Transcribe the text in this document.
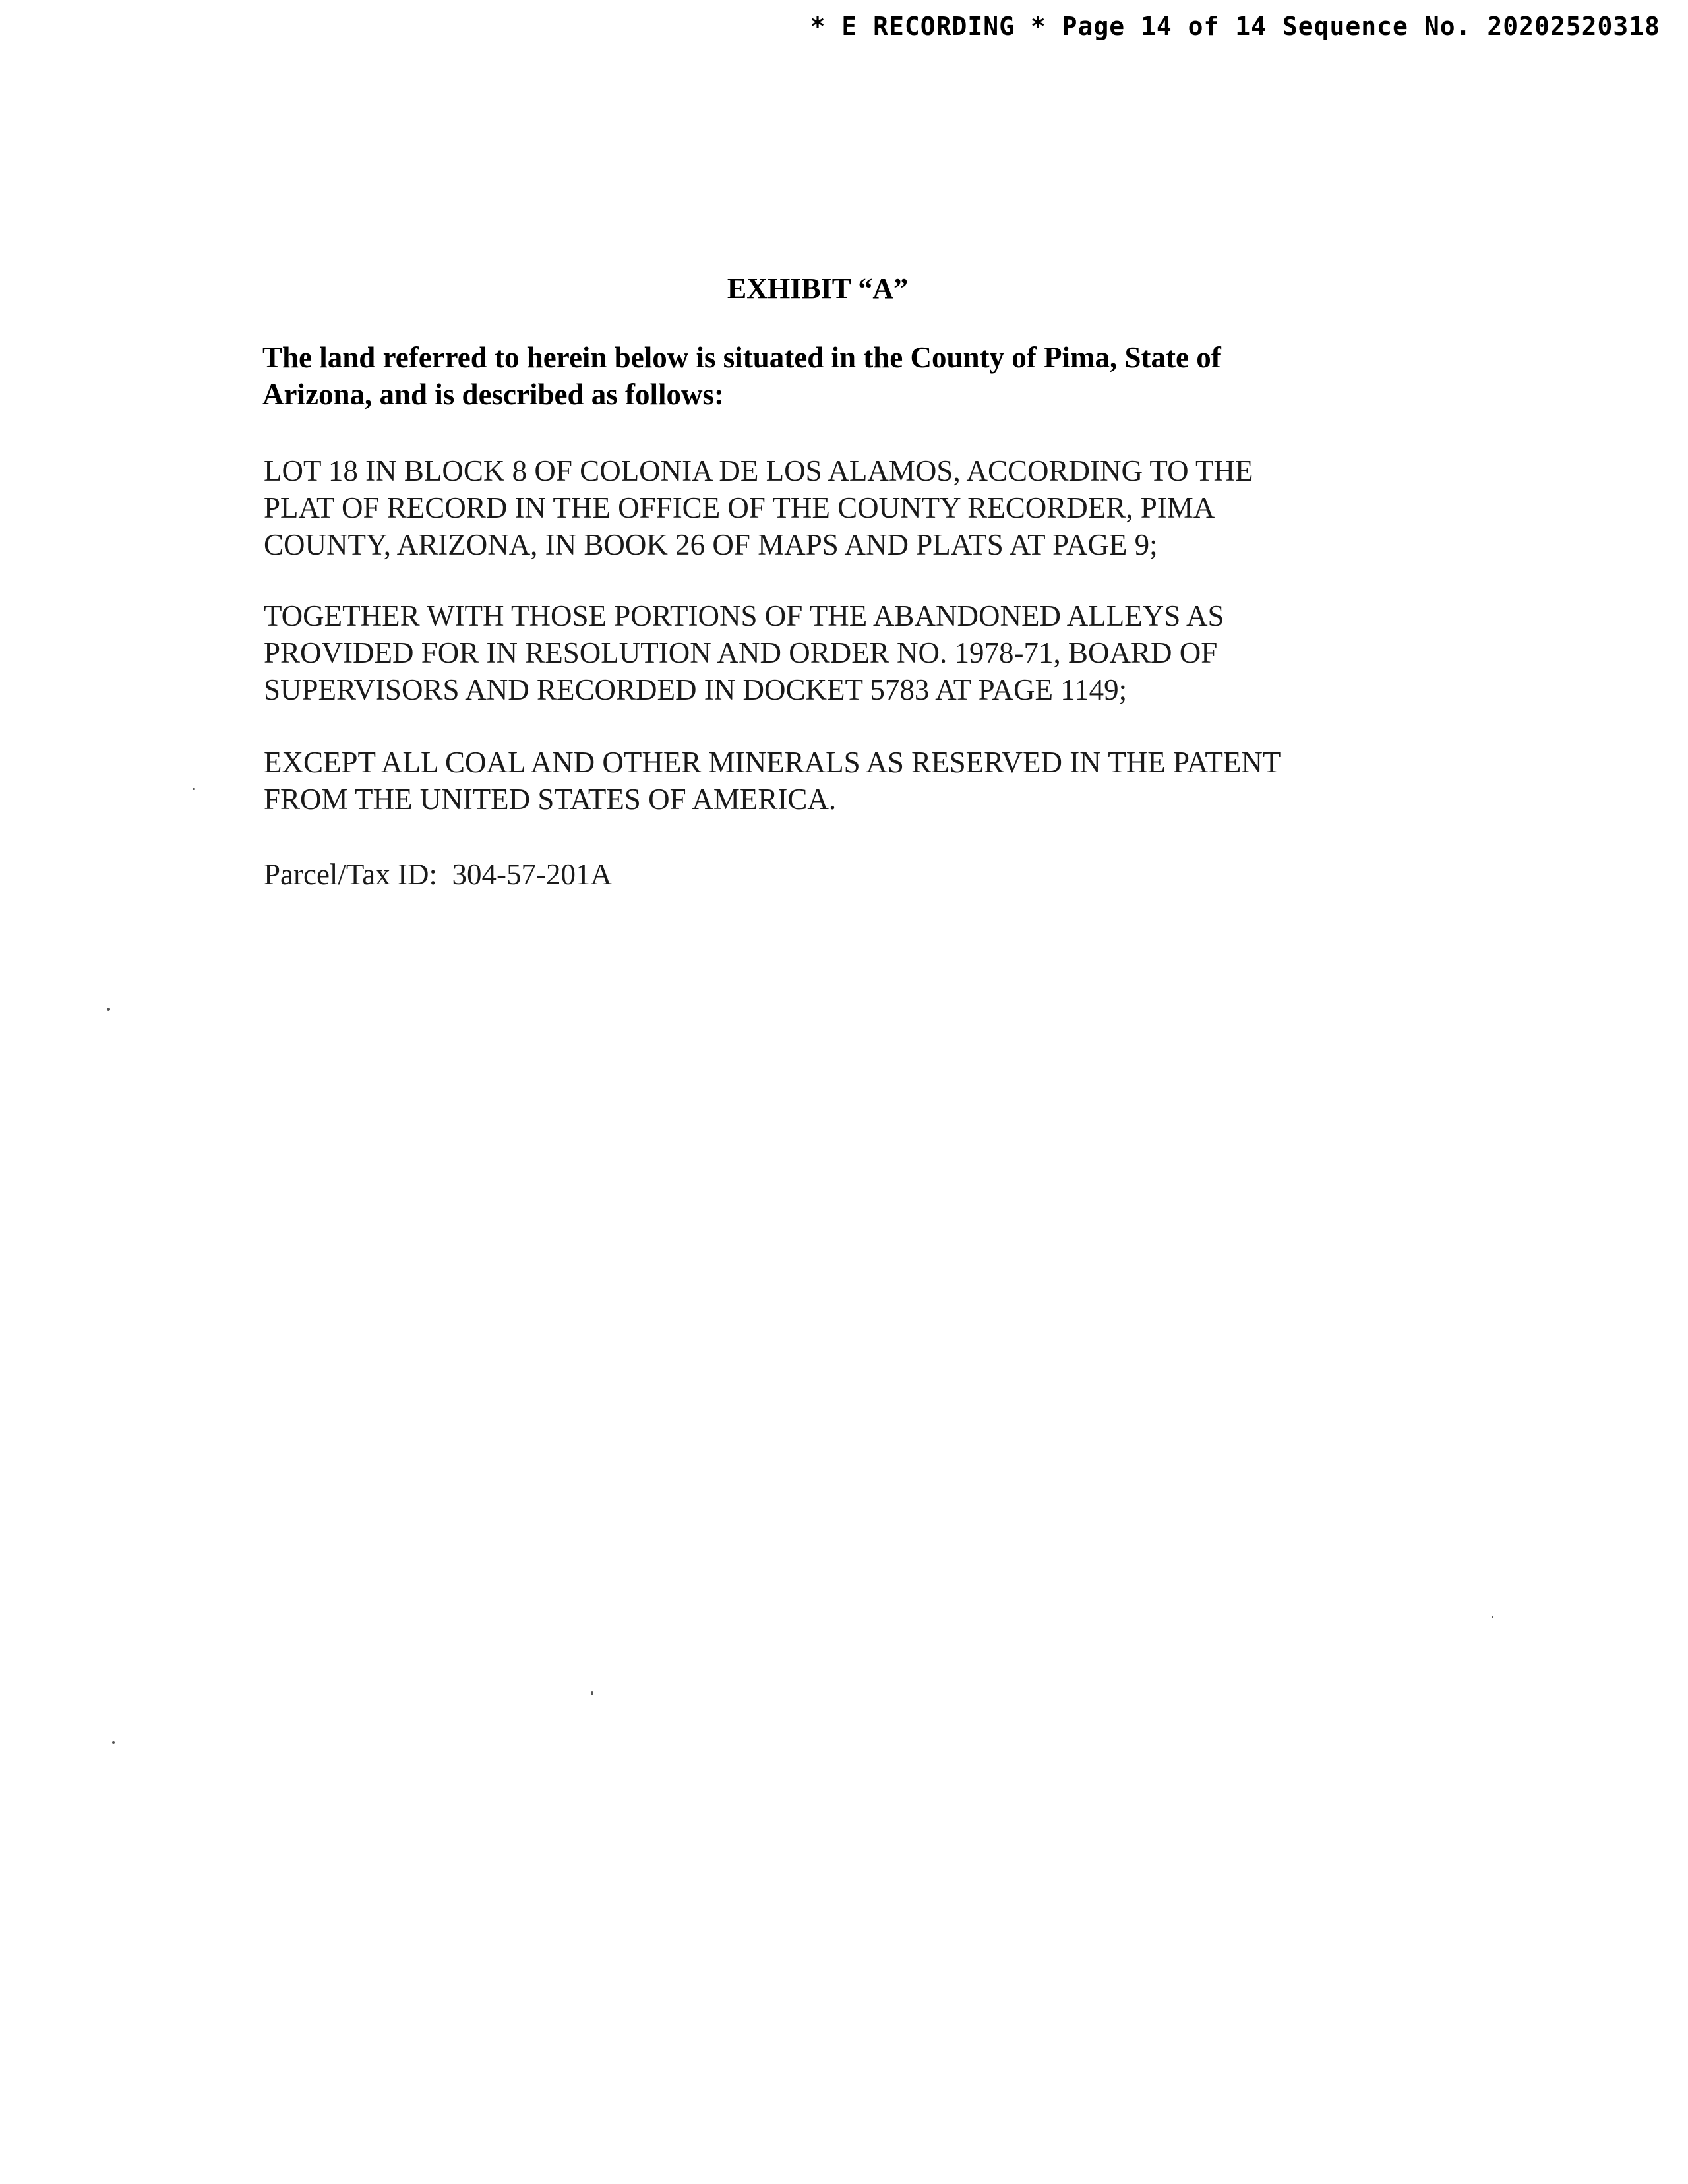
* E RECORDING * Page 14 of 14 Sequence No. 20202520318
EXHIBIT “A”

The land referred to herein below is situated in the County of Pima, State of
Arizona, and is described as follows:

LOT 18 IN BLOCK 8 OF COLONIA DE LOS ALAMOS, ACCORDING TO THE
PLAT OF RECORD IN THE OFFICE OF THE COUNTY RECORDER, PIMA
COUNTY, ARIZONA, IN BOOK 26 OF MAPS AND PLATS AT PAGE 9;

TOGETHER WITH THOSE PORTIONS OF THE ABANDONED ALLEYS AS
PROVIDED FOR IN RESOLUTION AND ORDER NO. 1978-71, BOARD OF
SUPERVISORS AND RECORDED IN DOCKET 5783 AT PAGE 1149;

EXCEPT ALL COAL AND OTHER MINERALS AS RESERVED IN THE PATENT
FROM THE UNITED STATES OF AMERICA.

Parcel/Tax ID: 304-57-201A
